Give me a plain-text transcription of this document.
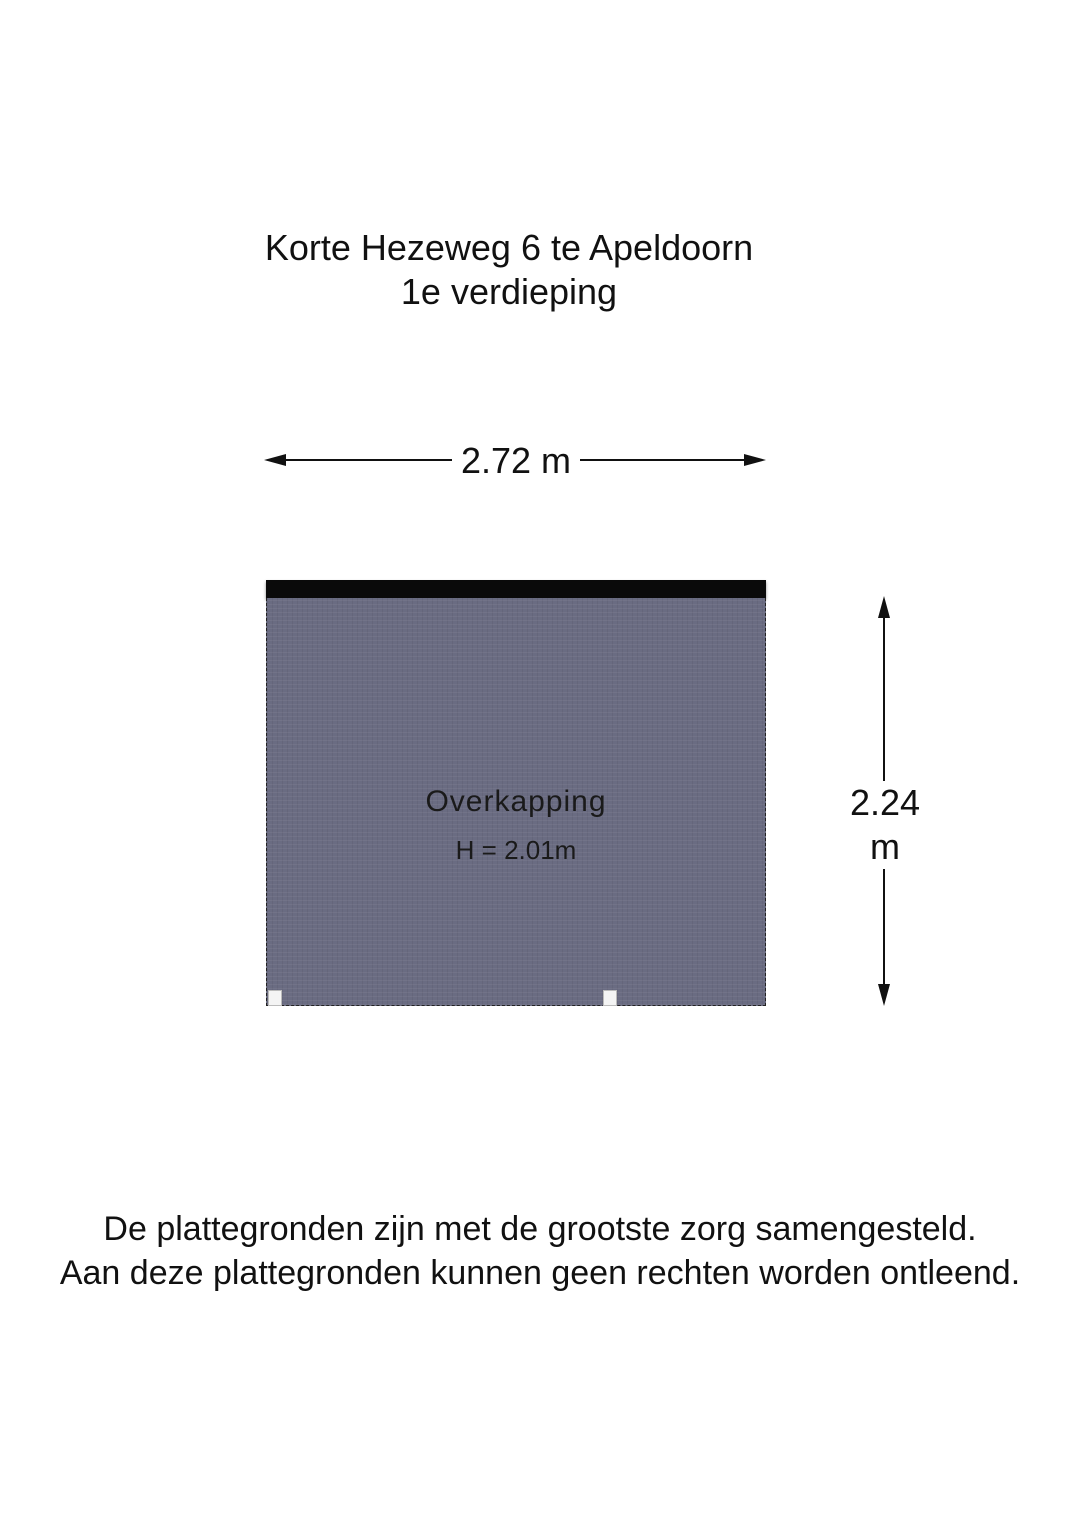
Korte Hezeweg 6 te Apeldoorn
1e verdieping
2.72 m
2.24 m
Overkapping
H = 2.01m
De plattegronden zijn met de grootste zorg samengesteld.
Aan deze plattegronden kunnen geen rechten worden ontleend.
